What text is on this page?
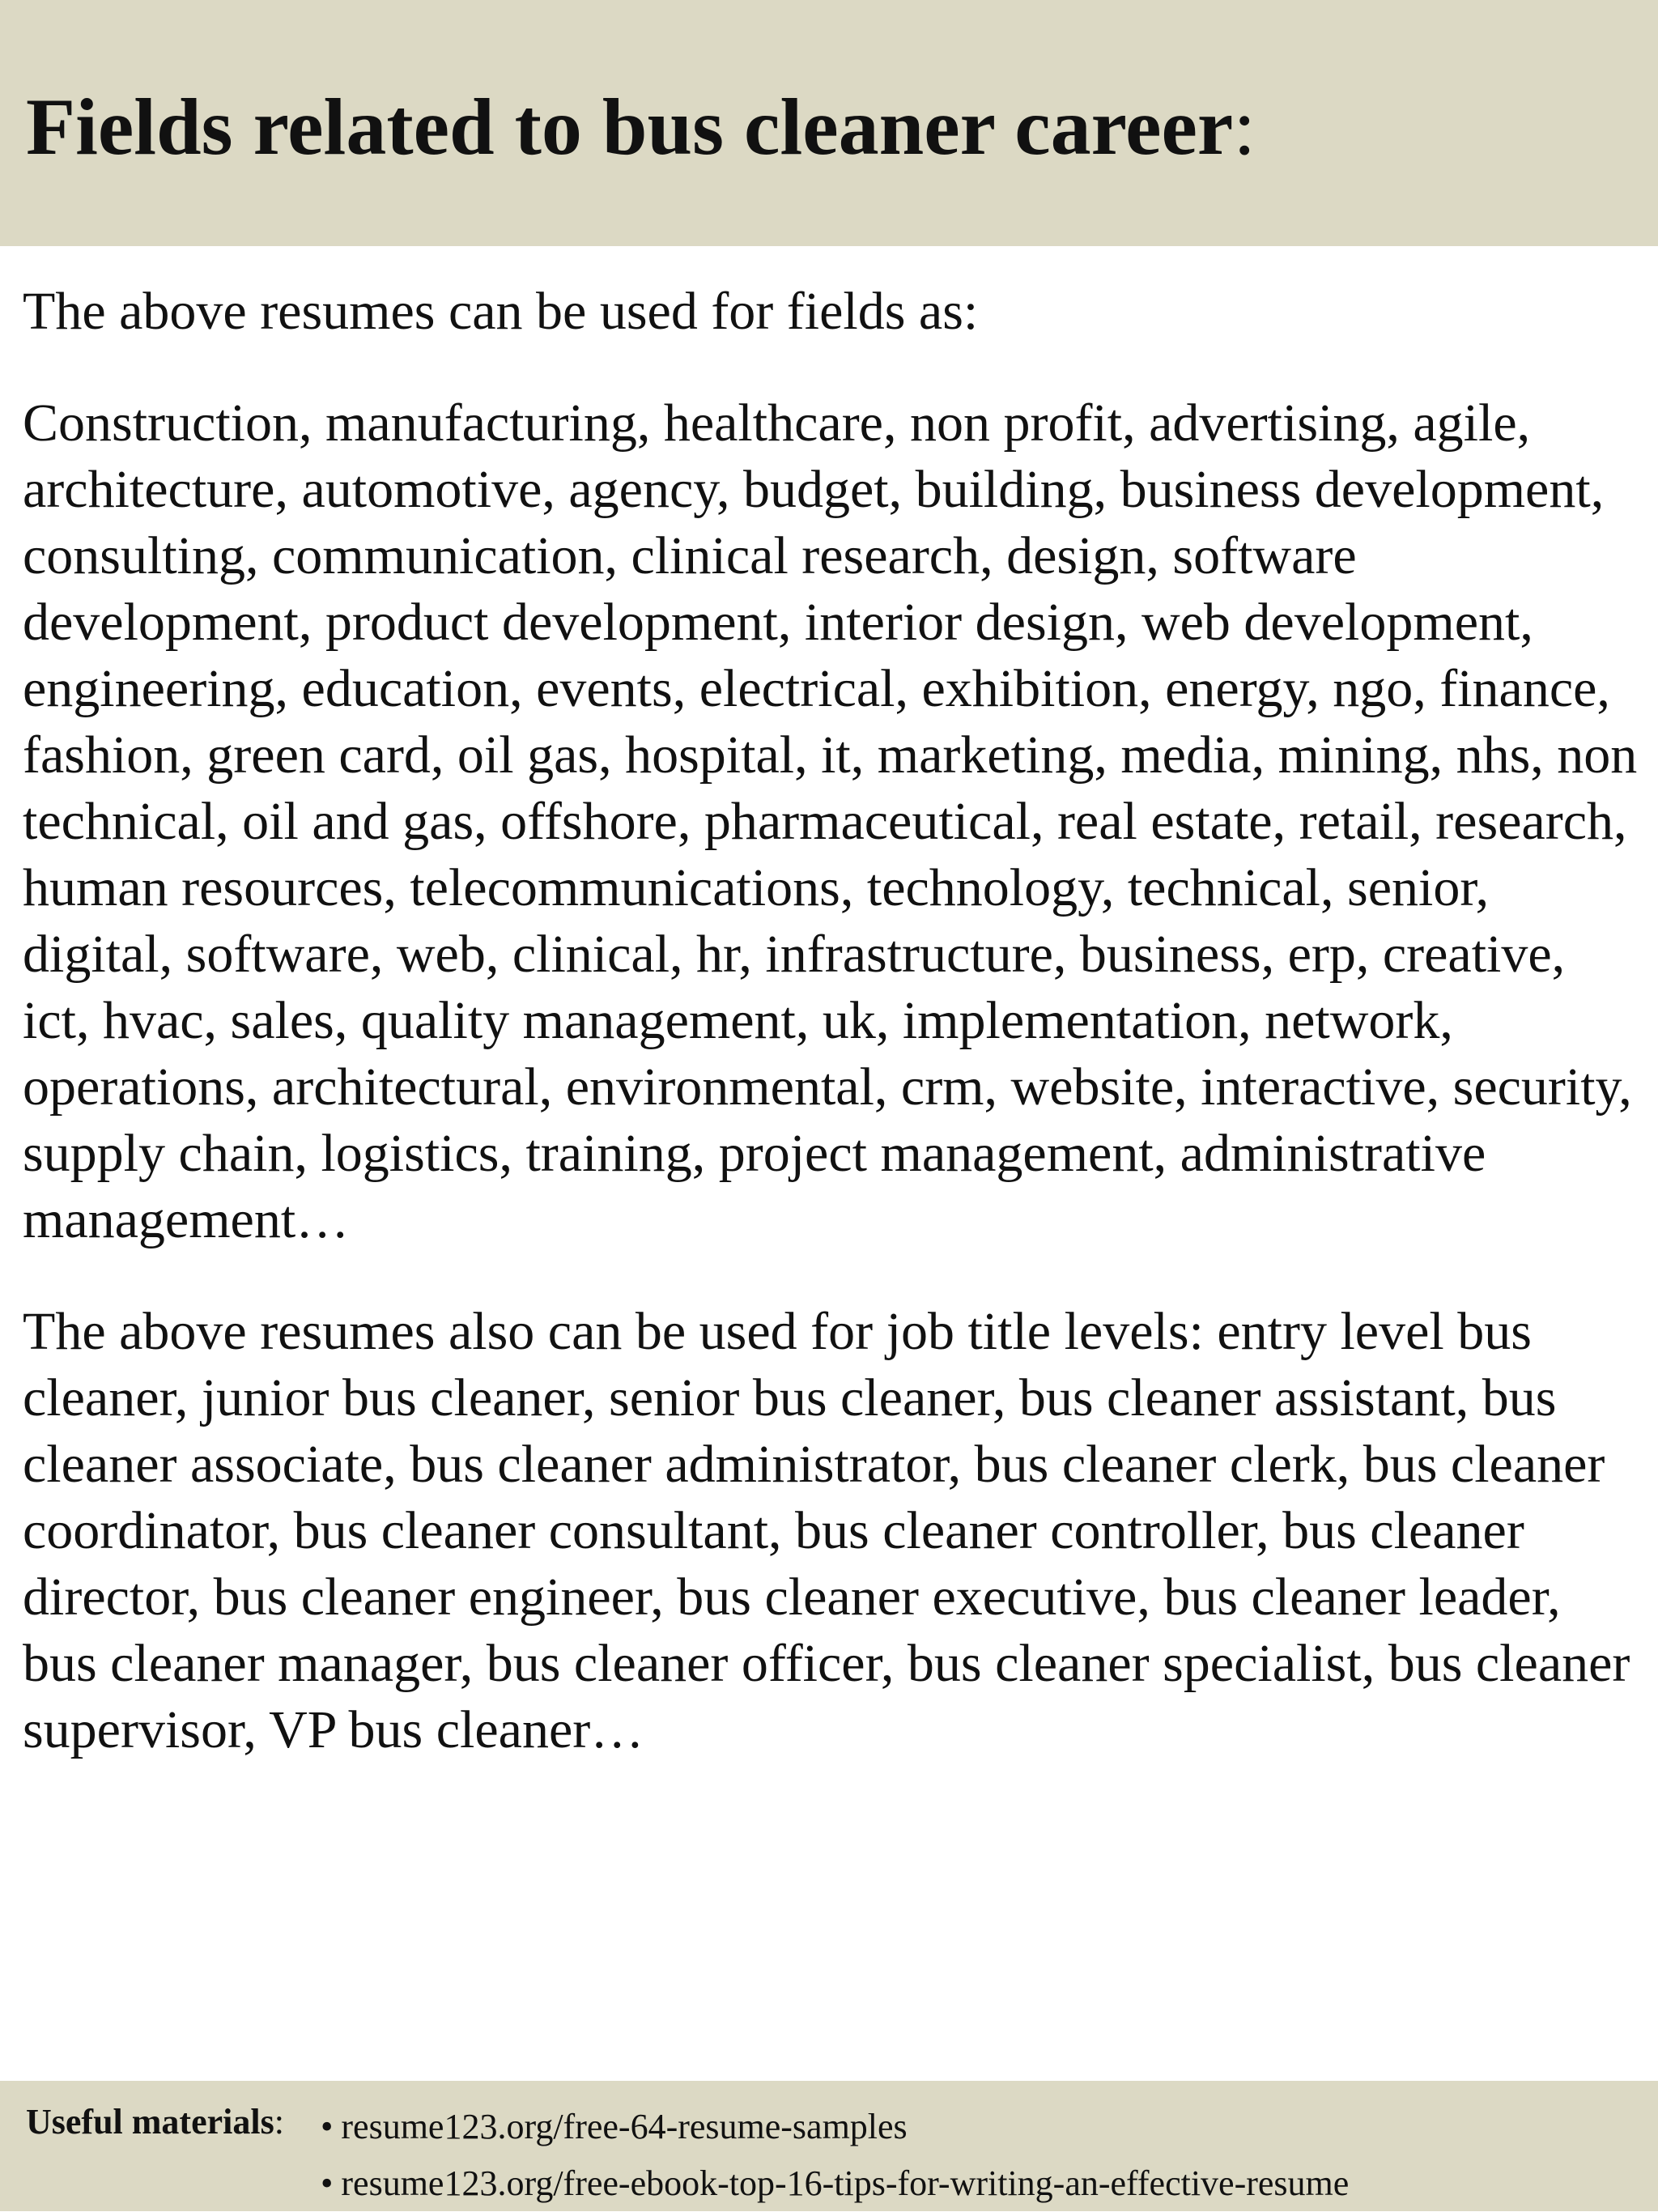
Fields related to bus cleaner career:

The above resumes can be used for fields as:

Construction, manufacturing, healthcare, non profit, advertising, agile, architecture, automotive, agency, budget, building, business development, consulting, communication, clinical research, design, software development, product development, interior design, web development, engineering, education, events, electrical, exhibition, energy, ngo, finance, fashion, green card, oil gas, hospital, it, marketing, media, mining, nhs, non technical, oil and gas, offshore, pharmaceutical, real estate, retail, research, human resources, telecommunications, technology, technical, senior, digital, software, web, clinical, hr, infrastructure, business, erp, creative, ict, hvac, sales, quality management, uk, implementation, network, operations, architectural, environmental, crm, website, interactive, security, supply chain, logistics, training, project management, administrative management…

The above resumes also can be used for job title levels: entry level bus cleaner, junior bus cleaner, senior bus cleaner, bus cleaner assistant, bus cleaner associate, bus cleaner administrator, bus cleaner clerk, bus cleaner coordinator, bus cleaner consultant, bus cleaner controller, bus cleaner director, bus cleaner engineer, bus cleaner executive, bus cleaner leader, bus cleaner manager, bus cleaner officer, bus cleaner specialist, bus cleaner supervisor, VP bus cleaner…

Useful materials: • resume123.org/free-64-resume-samples
• resume123.org/free-ebook-top-16-tips-for-writing-an-effective-resume
